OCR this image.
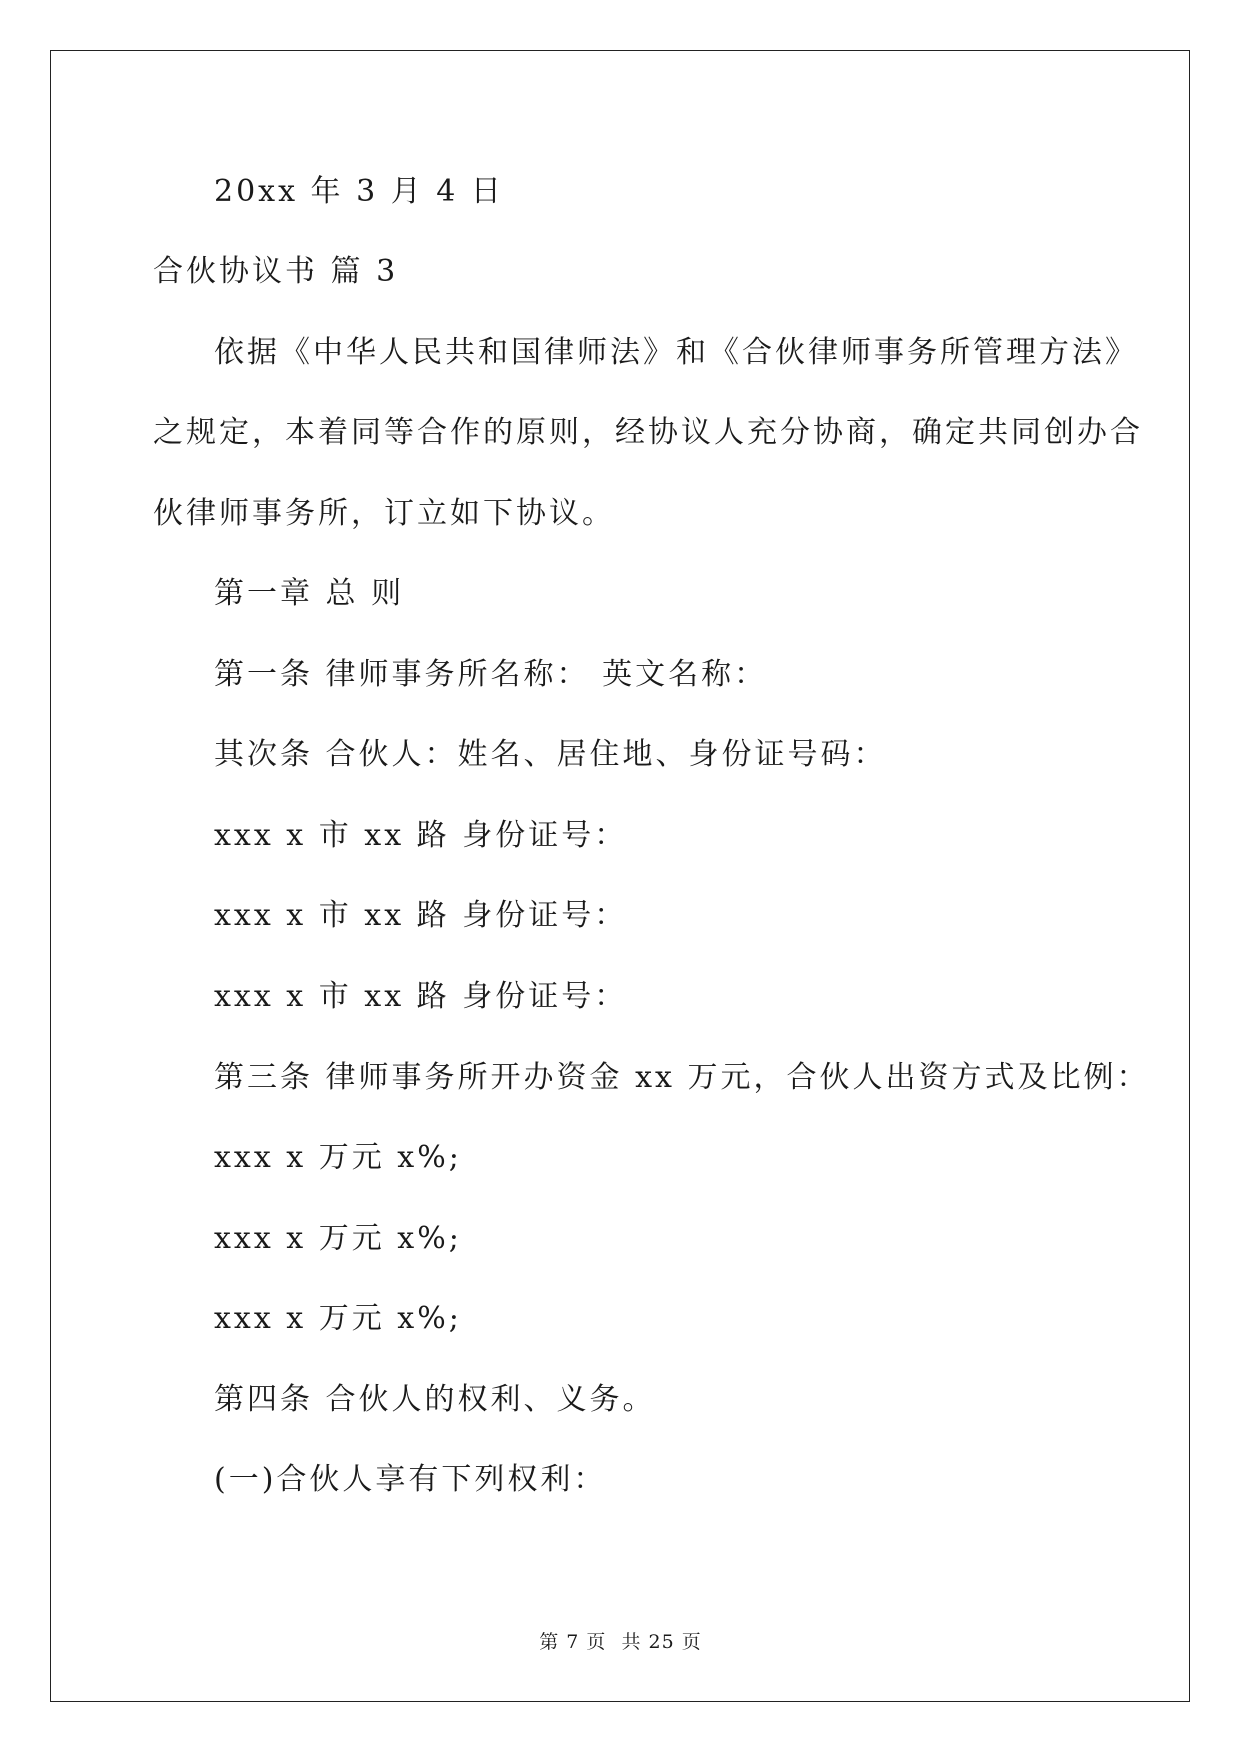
20xx 年 3 月 4 日
合伙协议书 篇 3
依据《中华人民共和国律师法》和《合伙律师事务所管理方法》
之规定，本着同等合作的原则，经协议人充分协商，确定共同创办合
伙律师事务所，订立如下协议。
第一章 总 则
第一条 律师事务所名称： 英文名称：
其次条 合伙人：姓名、居住地、身份证号码：
xxx x 市 xx 路 身份证号：
xxx x 市 xx 路 身份证号：
xxx x 市 xx 路 身份证号：
第三条 律师事务所开办资金 xx 万元，合伙人出资方式及比例：
xxx x 万元 x%;
xxx x 万元 x%;
xxx x 万元 x%;
第四条 合伙人的权利、义务。
(一)合伙人享有下列权利：
第 7 页 共 25 页
